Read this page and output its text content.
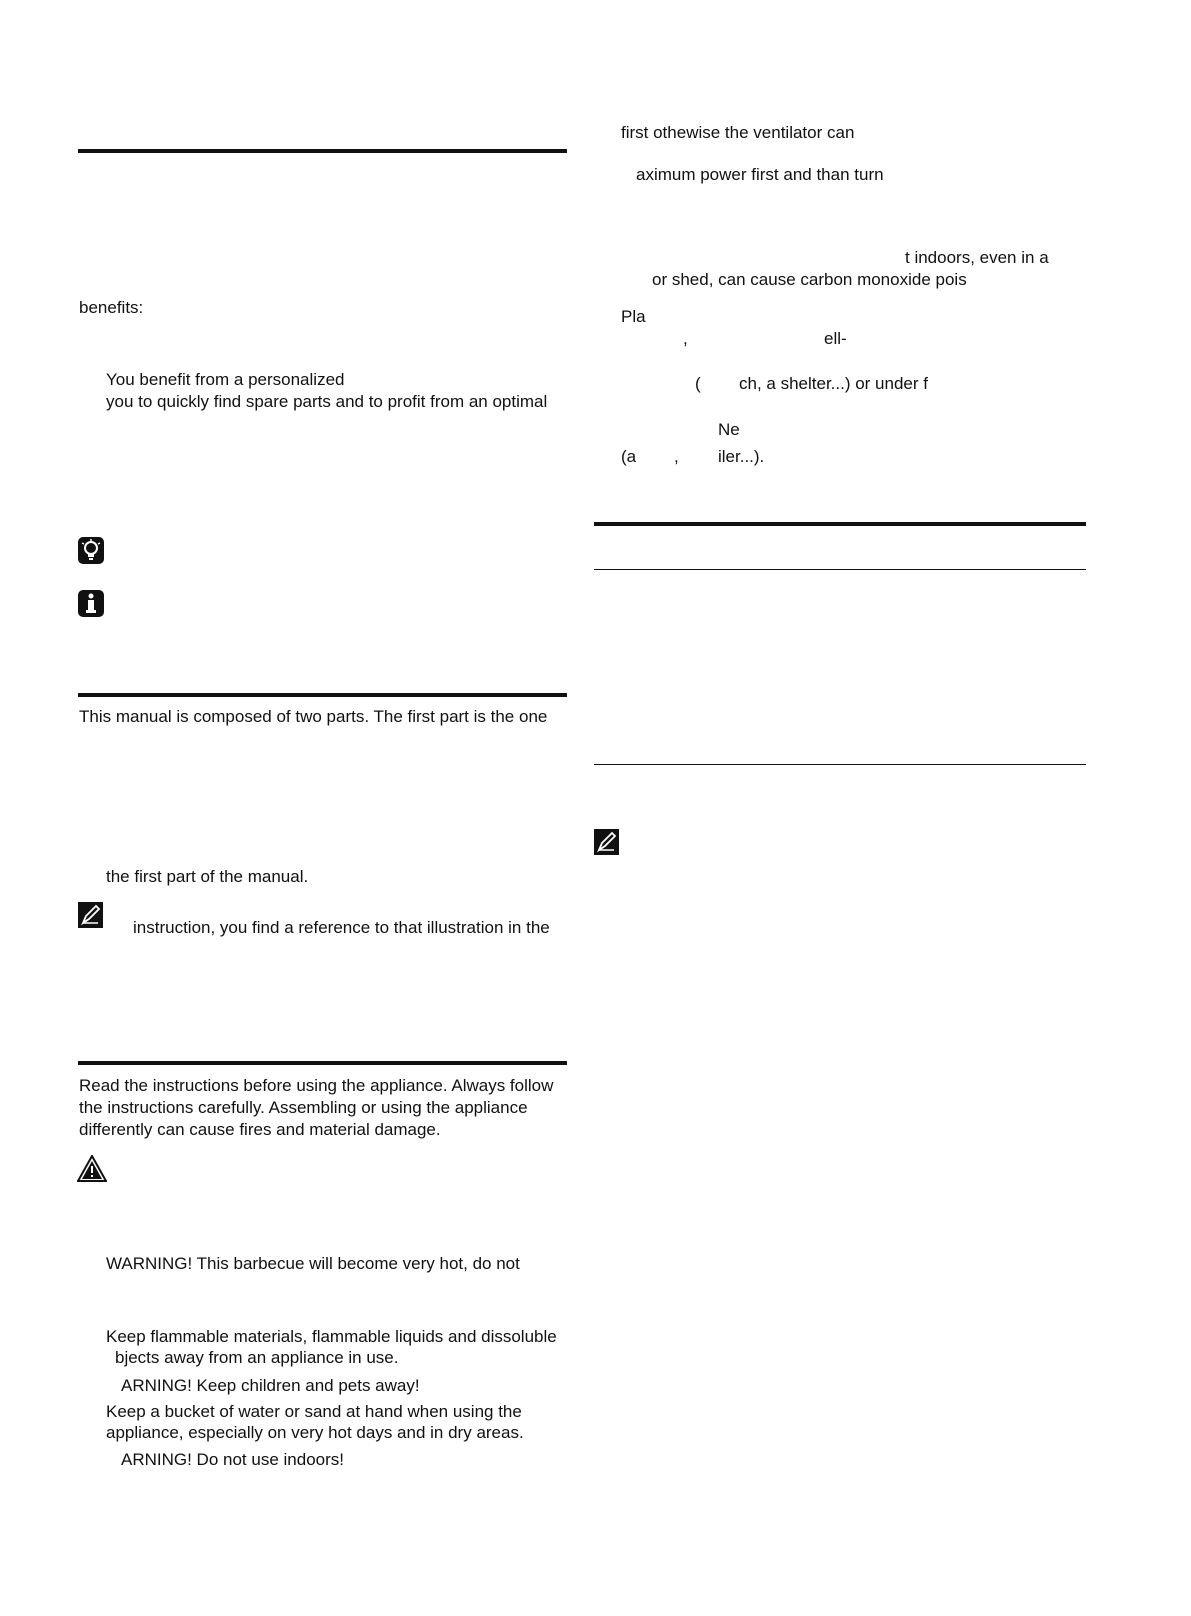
benefits:
You benefit from a personalized
you to quickly find spare parts and to profit from an optimal
This manual is composed of two parts. The first part is the one
the first part of the manual.
instruction, you find a reference to that illustration in the
Read the instructions before using the appliance. Always follow
the instructions carefully. Assembling or using the appliance
differently can cause fires and material damage.
WARNING! This barbecue will become very hot, do not
Keep flammable materials, flammable liquids and dissoluble
bjects away from an appliance in use.
ARNING! Keep children and pets away!
Keep a bucket of water or sand at hand when using the
appliance, especially on very hot days and in dry areas.
ARNING! Do not use indoors!
first othewise the ventilator can
aximum power first and than turn
t indoors, even in a
or shed, can cause carbon monoxide pois
Pla
,	ell-
( ch, a shelter...) or under f
Ne
(a , iler...).
